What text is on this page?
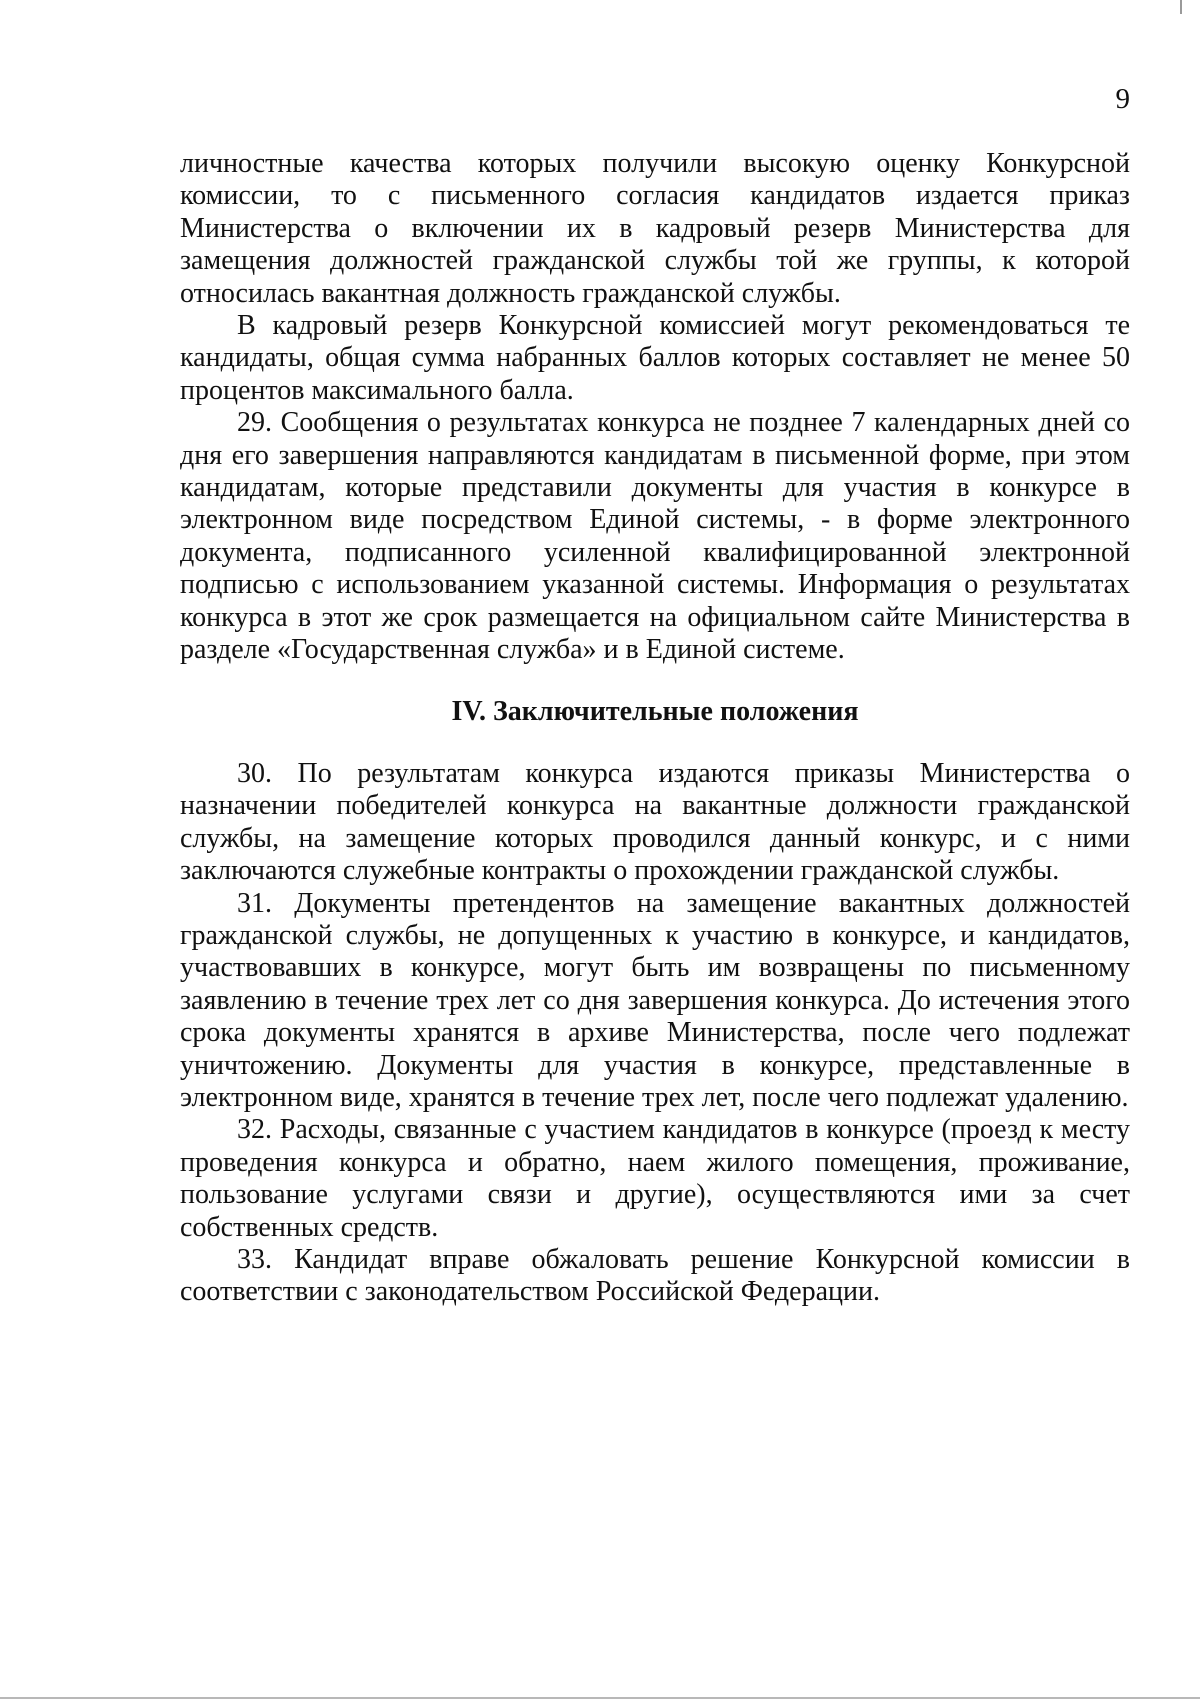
9

личностные качества которых получили высокую оценку Конкурсной комиссии, то с письменного согласия кандидатов издается приказ Министерства о включении их в кадровый резерв Министерства для замещения должностей гражданской службы той же группы, к которой относилась вакантная должность гражданской службы.

В кадровый резерв Конкурсной комиссией могут рекомендоваться те кандидаты, общая сумма набранных баллов которых составляет не менее 50 процентов максимального балла.

29. Сообщения о результатах конкурса не позднее 7 календарных дней со дня его завершения направляются кандидатам в письменной форме, при этом кандидатам, которые представили документы для участия в конкурсе в электронном виде посредством Единой системы, - в форме электронного документа, подписанного усиленной квалифицированной электронной подписью с использованием указанной системы. Информация о результатах конкурса в этот же срок размещается на официальном сайте Министерства в разделе «Государственная служба» и в Единой системе.

IV. Заключительные положения

30. По результатам конкурса издаются приказы Министерства о назначении победителей конкурса на вакантные должности гражданской службы, на замещение которых проводился данный конкурс, и с ними заключаются служебные контракты о прохождении гражданской службы.

31. Документы претендентов на замещение вакантных должностей гражданской службы, не допущенных к участию в конкурсе, и кандидатов, участвовавших в конкурсе, могут быть им возвращены по письменному заявлению в течение трех лет со дня завершения конкурса. До истечения этого срока документы хранятся в архиве Министерства, после чего подлежат уничтожению. Документы для участия в конкурсе, представленные в электронном виде, хранятся в течение трех лет, после чего подлежат удалению.

32. Расходы, связанные с участием кандидатов в конкурсе (проезд к месту проведения конкурса и обратно, наем жилого помещения, проживание, пользование услугами связи и другие), осуществляются ими за счет собственных средств.

33. Кандидат вправе обжаловать решение Конкурсной комиссии в соответствии с законодательством Российской Федерации.
